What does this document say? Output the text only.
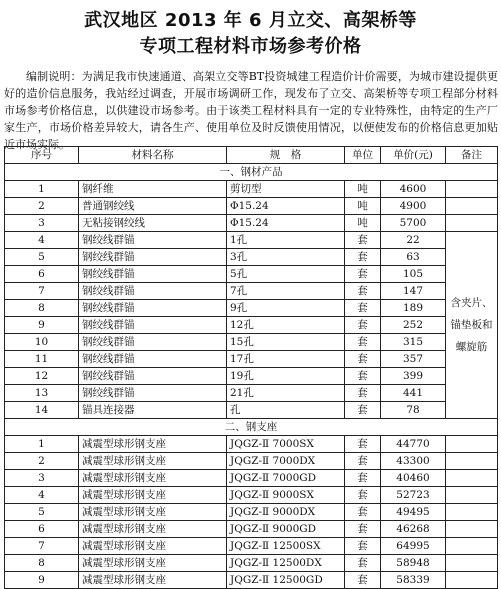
武汉地区 2013 年 6 月立交、高架桥等
专项工程材料市场参考价格
编制说明：为满足我市快速通道、高架立交等BT投资城建工程造价计价需要，为城市建设提供更好的造价信息服务，我站经过调查，开展市场调研工作，现发布了立交、高架桥等专项工程部分材料市场参考价格信息，以供建设市场参考。由于该类工程材料具有一定的专业特殊性，由特定的生产厂家生产，市场价格差异较大，请各生产、使用单位及时反馈使用情况，以便使发布的价格信息更加贴近市场实际。
序号	材料名称	规　格	单位	单价(元)	备注
一、钢材产品					
1	钢纤维	剪切型	吨	4600	
2	普通钢绞线	Φ15.24	吨	4900	
3	无粘接钢绞线	Φ15.24	吨	5700	
4	钢绞线群锚	1孔	套	22	含夹片、锚垫板和螺旋筋
5	钢绞线群锚	3孔	套	63	
6	钢绞线群锚	5孔	套	105	
7	钢绞线群锚	7孔	套	147	
8	钢绞线群锚	9孔	套	189	
9	钢绞线群锚	12孔	套	252	
10	钢绞线群锚	15孔	套	315	
11	钢绞线群锚	17孔	套	357	
12	钢绞线群锚	19孔	套	399	
13	钢绞线群锚	21孔	套	441	
14	锚具连接器	孔	套	78	
二、钢支座					
1	减震型球形钢支座	JQGZ-Ⅱ 7000SX	套	44770	
2	减震型球形钢支座	JQGZ-Ⅱ 7000DX	套	43300	
3	减震型球形钢支座	JQGZ-Ⅱ 7000GD	套	40460	
4	减震型球形钢支座	JQGZ-Ⅱ 9000SX	套	52723	
5	减震型球形钢支座	JQGZ-Ⅱ 9000DX	套	49495	
6	减震型球形钢支座	JQGZ-Ⅱ 9000GD	套	46268	
7	减震型球形钢支座	JQGZ-Ⅱ 12500SX	套	64995	
8	减震型球形钢支座	JQGZ-Ⅱ 12500DX	套	58948	
9	减震型球形钢支座	JQGZ-Ⅱ 12500GD	套	58339	
